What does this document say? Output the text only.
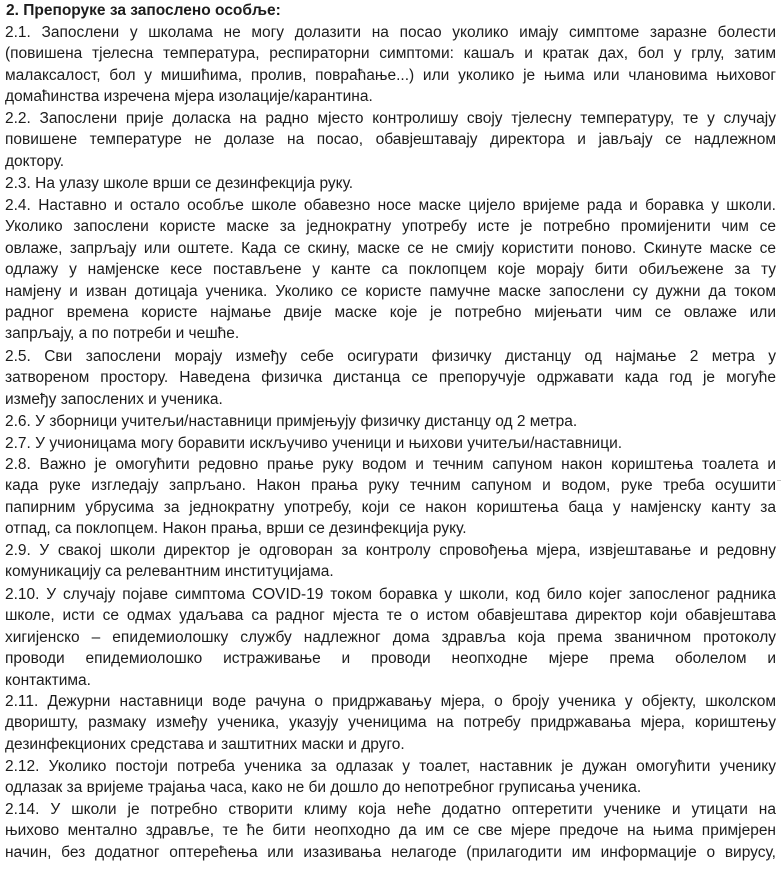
2. Препоруке за запослено особље:

2.1. Запослени у школама не могу долазити на посао уколико имају симптоме заразне болести
(повишена тјелесна температура, респираторни симптоми: кашаљ и кратак дах, бол у грлу, затим
малаксалост, бол у мишићима, пролив, повраћање...) или уколико је њима или члановима њиховог
домаћинства изречена мјера изолације/карантина.

2.2. Запослени прије доласка на радно мјесто контролишу своју тјелесну температуру, те у случају
повишене температуре не долазе на посао, обавјештавају директора и јављају се надлежном
доктору.

2.3. На улазу школе врши се дезинфекција руку.

2.4. Наставно и остало особље школе обавезно носе маске цијело вријеме рада и боравка у школи.
Уколико запослени користе маске за једнократну употребу исте је потребно промијенити чим се
овлаже, запрљају или оштете. Када се скину, маске се не смију користити поново. Скинуте маске се
одлажу у намјенске кесе постављене у канте са поклопцем које морају бити обиљежене за ту
намјену и изван дотицаја ученика. Уколико се користе памучне маске запослени су дужни да током
радног времена користе најмање двије маске које је потребно мијењати чим се овлаже или
запрљају, а по потреби и чешће.

2.5. Сви запослени морају између себе осигурати физичку дистанцу од најмање 2 метра у
затвореном простору. Наведена физичка дистанца се препоручује одржавати када год је могуће
између запослених и ученика.

2.6. У зборници учитељи/наставници примјењују физичку дистанцу од 2 метра.

2.7. У учионицама могу боравити искључиво ученици и њихови учитељи/наставници.

2.8. Важно је омогућити редовно прање руку водом и течним сапуном након кориштења тоалета и
када руке изгледају запрљано. Након прања руку течним сапуном и водом, руке треба осушити
папирним убрусима за једнократну употребу, који се након кориштења баца у намјенску канту за
отпад, са поклопцем. Након прања, врши се дезинфекција руку.

2.9. У свакој школи директор је одговоран за контролу спровођења мјера, извјештавање и редовну
комуникацију са релевантним институцијама.

2.10. У случају појаве симптома COVID-19 током боравка у школи, код било којег запосленог радника
школе, исти се одмах удаљава са радног мјеста те о истом обавјештава директор који обавјештава
хигијенско – епидемиолошку службу надлежног дома здравља која према званичном протоколу
проводи епидемиолошко истраживање и проводи неопходне мјере према оболелом и
контактима.

2.11. Дежурни наставници воде рачуна о придржавању мјера, о броју ученика у објекту, школском
дворишту, размаку између ученика, указују ученицима на потребу придржавања мјера, кориштењу
дезинфекционих средстава и заштитних маски и друго.

2.12. Уколико постоји потреба ученика за одлазак у тоалет, наставник је дужан омогућити ученику
одлазак за вријеме трајања часа, како не би дошло до непотребног груписања ученика.

2.14. У школи је потребно створити климу која неће додатно оптеретити ученике и утицати на
њихово ментално здравље, те ће бити неопходно да им се све мјере предоче на њима примјерен
начин, без додатног оптерећења или изазивања нелагоде (прилагодити им информације о вирусу,
